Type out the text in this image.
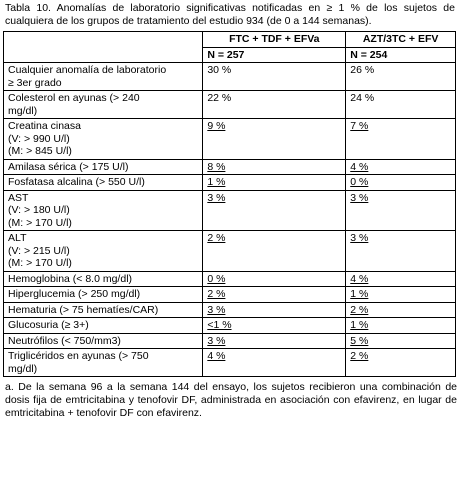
Tabla 10. Anomalías de laboratorio significativas notificadas en ≥ 1 % de los sujetos de cualquiera de los grupos de tratamiento del estudio 934 (de 0 a 144 semanas).
	FTC + TDF + EFVa	AZT/3TC + EFV
	N = 257	N = 254

Cualquier anomalía de laboratorio
≥ 3er grado	30 %	26 %

Colesterol en ayunas (> 240
mg/dl)	22 %	24 %

Creatina cinasa
(V: > 990 U/l)
(M: > 845 U/l)	9 %	7 %

Amilasa sérica (> 175 U/l)	8 %	4 %

Fosfatasa alcalina (> 550 U/l)	1 %	0 %

AST
(V: > 180 U/l)
(M: > 170 U/l)	3 %	3 %

ALT
(V: > 215 U/l)
(M: > 170 U/l)	2 %	3 %

Hemoglobina (< 8.0 mg/dl)	0 %	4 %

Hiperglucemia (> 250 mg/dl)	2 %	1 %

Hematuria (> 75 hematíes/CAR)	3 %	2 %

Glucosuria (≥ 3+)	<1 %	1 %

Neutrófilos (< 750/mm3)	3 %	5 %

Triglicéridos en ayunas (> 750
mg/dl)	4 %	2 %
a. De la semana 96 a la semana 144 del ensayo, los sujetos recibieron una combinación de dosis fija de emtricitabina y tenofovir DF, administrada en asociación con efavirenz, en lugar de emtricitabina + tenofovir DF con efavirenz.
